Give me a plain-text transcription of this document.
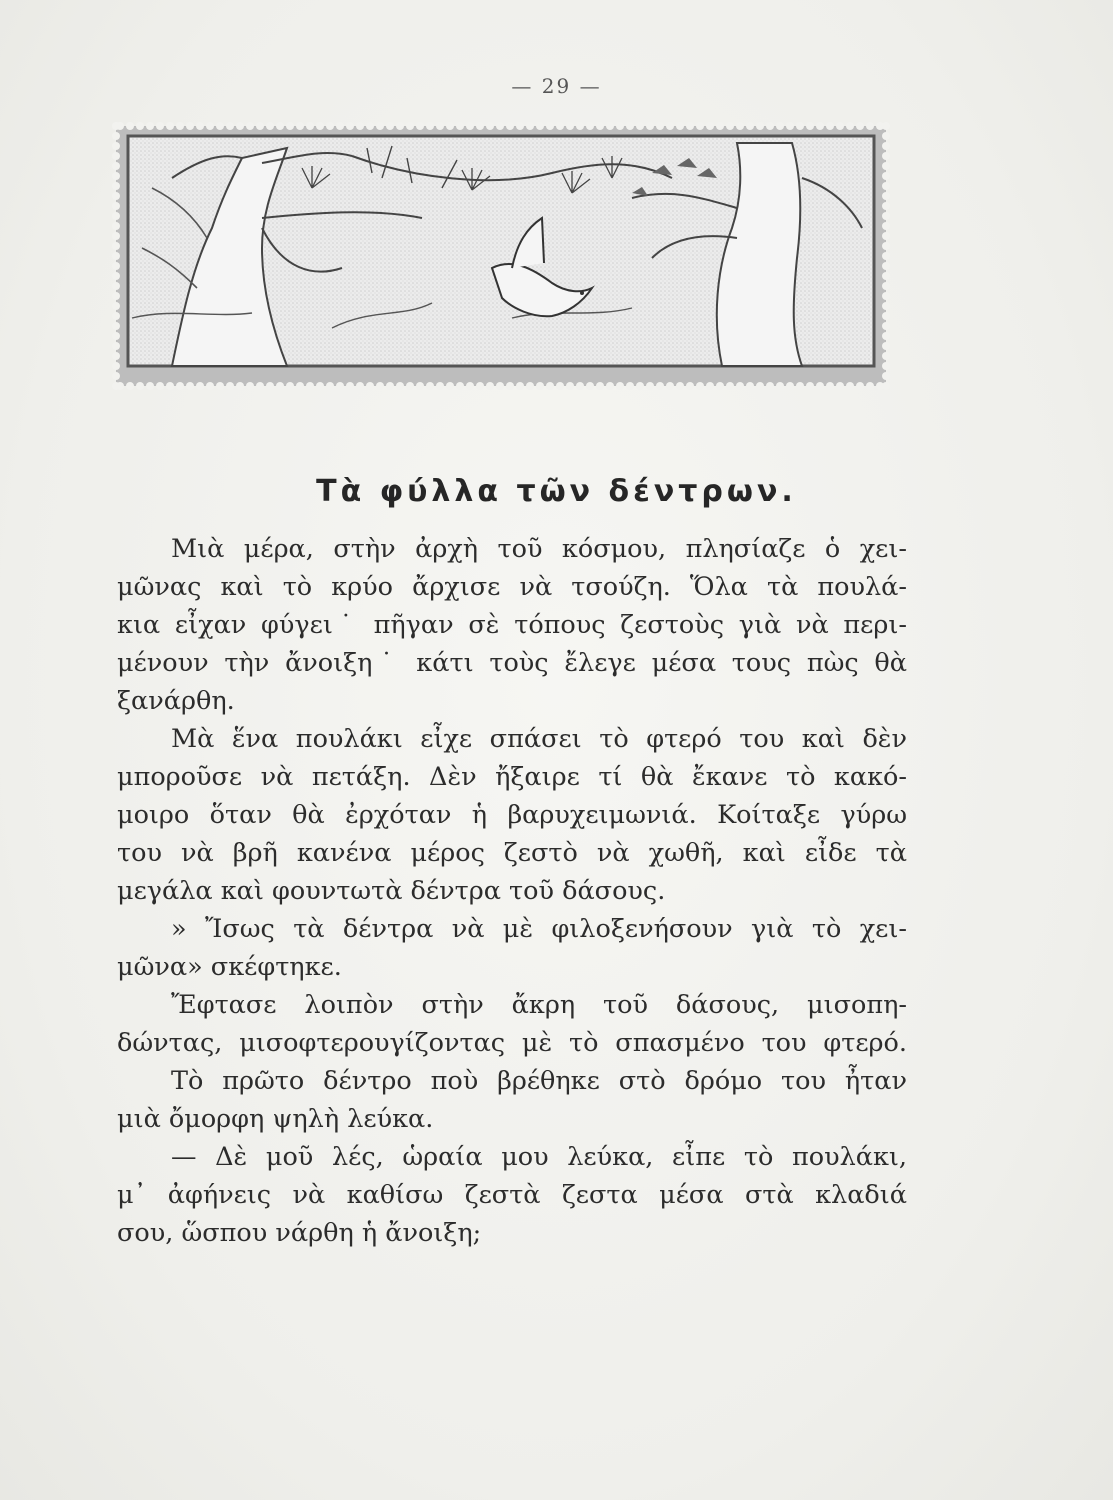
— 29 —
Τὰ φύλλα τῶν δέντρων.
Μιὰ μέρα, στὴν ἀρχὴ τοῦ κόσμου, πλησίαζε ὁ χει-
μῶνας καὶ τὸ κρύο ἄρχισε νὰ τσούζη. Ὅλα τὰ πουλά-
κια εἶχαν φύγει˙ πῆγαν σὲ τόπους ζεστοὺς γιὰ νὰ περι-
μένουν τὴν ἄνοιξη˙ κάτι τοὺς ἔλεγε μέσα τους πὼς θὰ
ξανάρθη.
Μὰ ἕνα πουλάκι εἶχε σπάσει τὸ φτερό του καὶ δὲν
μποροῦσε νὰ πετάξη. Δὲν ἤξαιρε τί θὰ ἔκανε τὸ κακό-
μοιρο ὅταν θὰ ἐρχόταν ἡ βαρυχειμωνιά. Κοίταξε γύρω
του νὰ βρῆ κανένα μέρος ζεστὸ νὰ χωθῆ, καὶ εἶδε τὰ
μεγάλα καὶ φουντωτὰ δέντρα τοῦ δάσους.
» Ἴσως τὰ δέντρα νὰ μὲ φιλοξενήσουν γιὰ τὸ χει-
μῶνα» σκέφτηκε.
Ἔφτασε λοιπὸν στὴν ἄκρη τοῦ δάσους, μισοπη-
δώντας, μισοφτερουγίζοντας μὲ τὸ σπασμένο του φτερό.
Τὸ πρῶτο δέντρο ποὺ βρέθηκε στὸ δρόμο του ἦταν
μιὰ ὄμορφη ψηλὴ λεύκα.
— Δὲ μοῦ λές, ὡραία μου λεύκα, εἶπε τὸ πουλάκι,
μ᾿ ἀφήνεις νὰ καθίσω ζεστὰ ζεστα μέσα στὰ κλαδιά
σου, ὥσπου νάρθη ἡ ἄνοιξη;
